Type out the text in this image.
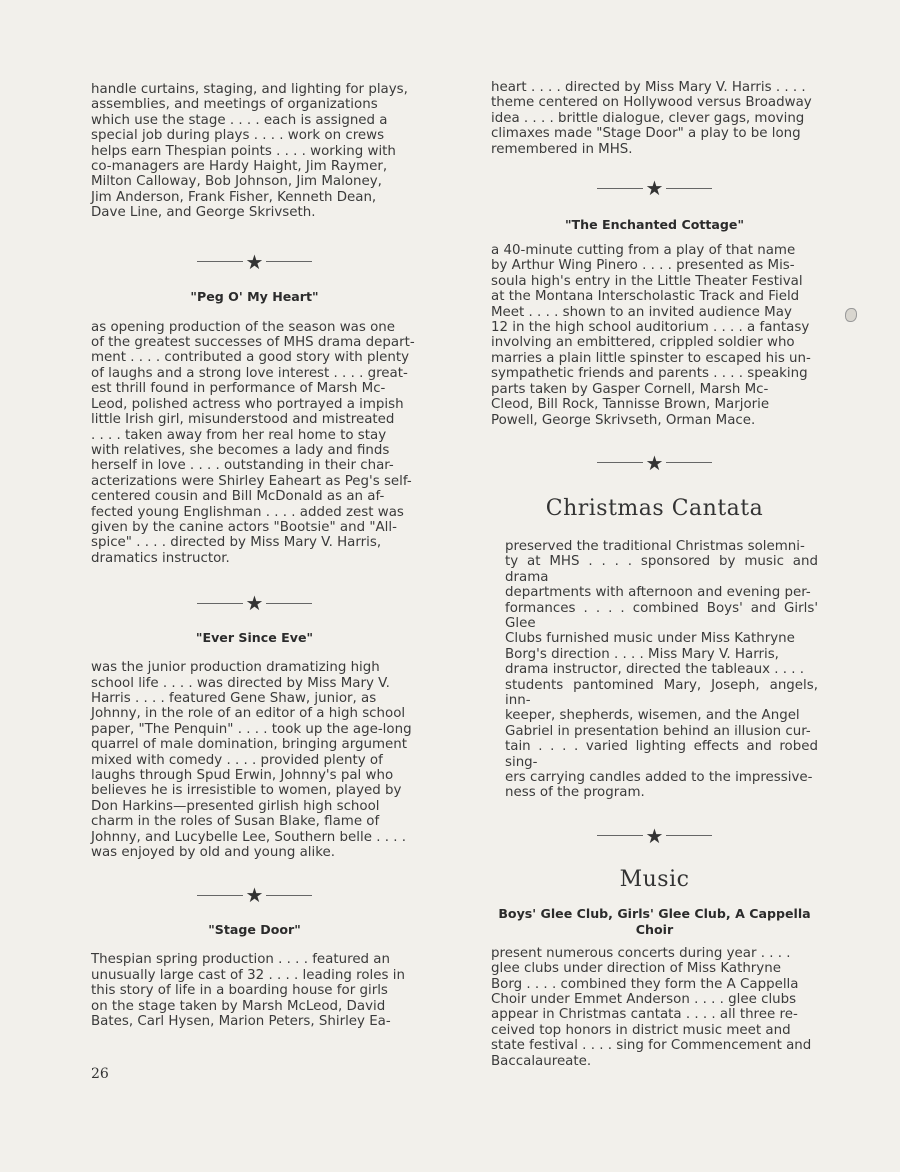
handle curtains, staging, and lighting for plays,
assemblies, and meetings of organizations
which use the stage . . . . each is assigned a
special job during plays . . . . work on crews
helps earn Thespian points . . . . working with
co-managers are Hardy Haight, Jim Raymer,
Milton Calloway, Bob Johnson, Jim Maloney,
Jim Anderson, Frank Fisher, Kenneth Dean,
Dave Line, and George Skrivseth.

★

"Peg O' My Heart"

as opening production of the season was one
of the greatest successes of MHS drama depart-
ment . . . . contributed a good story with plenty
of laughs and a strong love interest . . . . great-
est thrill found in performance of Marsh Mc-
Leod, polished actress who portrayed a impish
little Irish girl, misunderstood and mistreated
. . . . taken away from her real home to stay
with relatives, she becomes a lady and finds
herself in love . . . . outstanding in their char-
acterizations were Shirley Eaheart as Peg's self-
centered cousin and Bill McDonald as an af-
fected young Englishman . . . . added zest was
given by the canine actors "Bootsie" and "All-
spice" . . . . directed by Miss Mary V. Harris,
dramatics instructor.

★

"Ever Since Eve"

was the junior production dramatizing high
school life . . . . was directed by Miss Mary V.
Harris . . . . featured Gene Shaw, junior, as
Johnny, in the role of an editor of a high school
paper, "The Penquin" . . . . took up the age-long
quarrel of male domination, bringing argument
mixed with comedy . . . . provided plenty of
laughs through Spud Erwin, Johnny's pal who
believes he is irresistible to women, played by
Don Harkins—presented girlish high school
charm in the roles of Susan Blake, flame of
Johnny, and Lucybelle Lee, Southern belle . . . .
was enjoyed by old and young alike.

★

"Stage Door"

Thespian spring production . . . . featured an
unusually large cast of 32 . . . . leading roles in
this story of life in a boarding house for girls
on the stage taken by Marsh McLeod, David
Bates, Carl Hysen, Marion Peters, Shirley Ea-

heart . . . . directed by Miss Mary V. Harris . . . .
theme centered on Hollywood versus Broadway
idea . . . . brittle dialogue, clever gags, moving
climaxes made "Stage Door" a play to be long
remembered in MHS.

★

"The Enchanted Cottage"

a 40-minute cutting from a play of that name
by Arthur Wing Pinero . . . . presented as Mis-
soula high's entry in the Little Theater Festival
at the Montana Interscholastic Track and Field
Meet . . . . shown to an invited audience May
12 in the high school auditorium . . . . a fantasy
involving an embittered, crippled soldier who
marries a plain little spinster to escaped his un-
sympathetic friends and parents . . . . speaking
parts taken by Gasper Cornell, Marsh Mc-
Cleod, Bill Rock, Tannisse Brown, Marjorie
Powell, George Skrivseth, Orman Mace.

★

Christmas Cantata

preserved the traditional Christmas solemni-
ty at MHS . . . . sponsored by music and drama
departments with afternoon and evening per-
formances . . . . combined Boys' and Girls' Glee
Clubs furnished music under Miss Kathryne
Borg's direction . . . . Miss Mary V. Harris,
drama instructor, directed the tableaux . . . .
students pantomined Mary, Joseph, angels, inn-
keeper, shepherds, wisemen, and the Angel
Gabriel in presentation behind an illusion cur-
tain . . . . varied lighting effects and robed sing-
ers carrying candles added to the impressive-
ness of the program.

★

Music

Boys' Glee Club, Girls' Glee Club, A Cappella
Choir

present numerous concerts during year . . . .
glee clubs under direction of Miss Kathryne
Borg . . . . combined they form the A Cappella
Choir under Emmet Anderson . . . . glee clubs
appear in Christmas cantata . . . . all three re-
ceived top honors in district music meet and
state festival . . . . sing for Commencement and
Baccalaureate.

26
